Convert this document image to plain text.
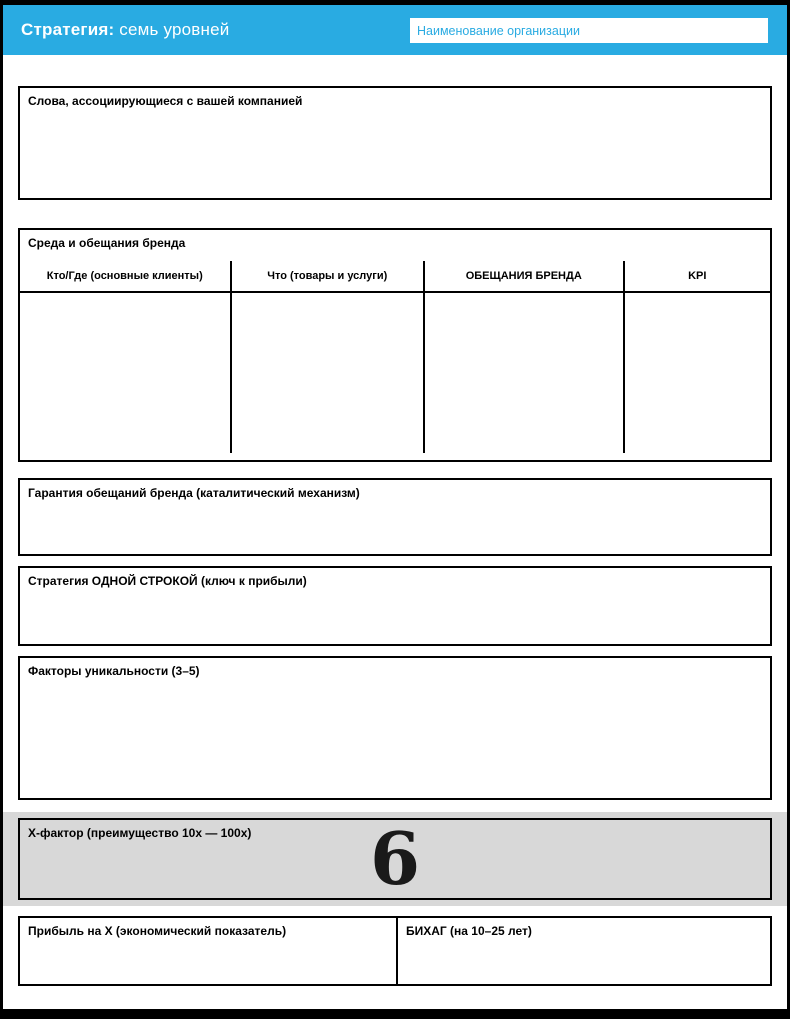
Стратегия: семь уровней
Наименование организации
Слова, ассоциирующиеся с вашей компанией
Среда и обещания бренда
Кто/Где (основные клиенты)	Что (товары и услуги)	ОБЕЩАНИЯ БРЕНДА	KPI
Гарантия обещаний бренда (каталитический механизм)
Стратегия ОДНОЙ СТРОКОЙ (ключ к прибыли)
Факторы уникальности (3–5)
Х-фактор (преимущество 10х — 100х)	6
Прибыль на Х (экономический показатель)	БИХАГ (на 10–25 лет)
